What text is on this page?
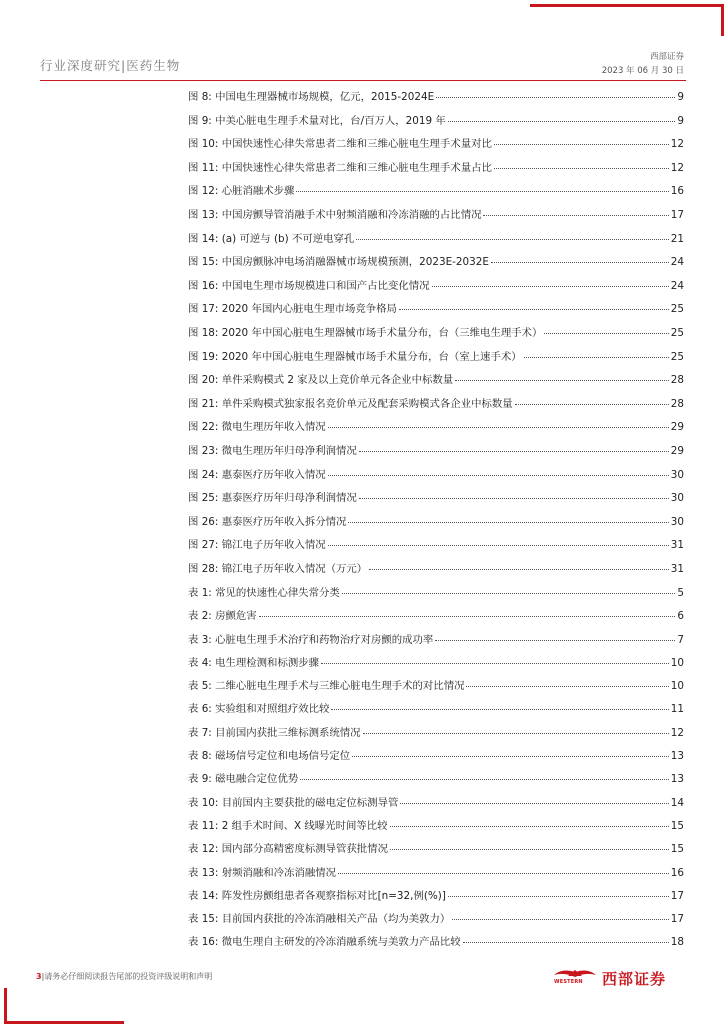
行业深度研究|医药生物
西部证券
2023 年 06 月 30 日
图 8: 中国电生理器械市场规模，亿元，2015-2024E	9
图 9: 中美心脏电生理手术量对比，台/百万人，2019 年	9
图 10: 中国快速性心律失常患者二维和三维心脏电生理手术量对比	12
图 11: 中国快速性心律失常患者二维和三维心脏电生理手术量占比	12
图 12: 心脏消融术步骤	16
图 13: 中国房颤导管消融手术中射频消融和冷冻消融的占比情况	17
图 14: (a) 可逆与 (b) 不可逆电穿孔	21
图 15: 中国房颤脉冲电场消融器械市场规模预测，2023E-2032E	24
图 16: 中国电生理市场规模进口和国产占比变化情况	24
图 17: 2020 年国内心脏电生理市场竞争格局	25
图 18: 2020 年中国心脏电生理器械市场手术量分布，台（三维电生理手术）	25
图 19: 2020 年中国心脏电生理器械市场手术量分布，台（室上速手术）	25
图 20: 单件采购模式 2 家及以上竞价单元各企业中标数量	28
图 21: 单件采购模式独家报名竞价单元及配套采购模式各企业中标数量	28
图 22: 微电生理历年收入情况	29
图 23: 微电生理历年归母净利润情况	29
图 24: 惠泰医疗历年收入情况	30
图 25: 惠泰医疗历年归母净利润情况	30
图 26: 惠泰医疗历年收入拆分情况	30
图 27: 锦江电子历年收入情况	31
图 28: 锦江电子历年收入情况（万元）	31
表 1: 常见的快速性心律失常分类	5
表 2: 房颤危害	6
表 3: 心脏电生理手术治疗和药物治疗对房颤的成功率	7
表 4: 电生理检测和标测步骤	10
表 5: 二维心脏电生理手术与三维心脏电生理手术的对比情况	10
表 6: 实验组和对照组疗效比较	11
表 7: 目前国内获批三维标测系统情况	12
表 8: 磁场信号定位和电场信号定位	13
表 9: 磁电融合定位优势	13
表 10: 目前国内主要获批的磁电定位标测导管	14
表 11: 2 组手术时间、X 线曝光时间等比较	15
表 12: 国内部分高精密度标测导管获批情况	15
表 13: 射频消融和冷冻消融情况	16
表 14: 阵发性房颤组患者各观察指标对比[n=32,例(%)]	17
表 15: 目前国内获批的冷冻消融相关产品（均为美敦力）	17
表 16: 微电生理自主研发的冷冻消融系统与美敦力产品比较	18
3|请务必仔细阅读报告尾部的投资评级说明和声明
WESTERN 西部证券
